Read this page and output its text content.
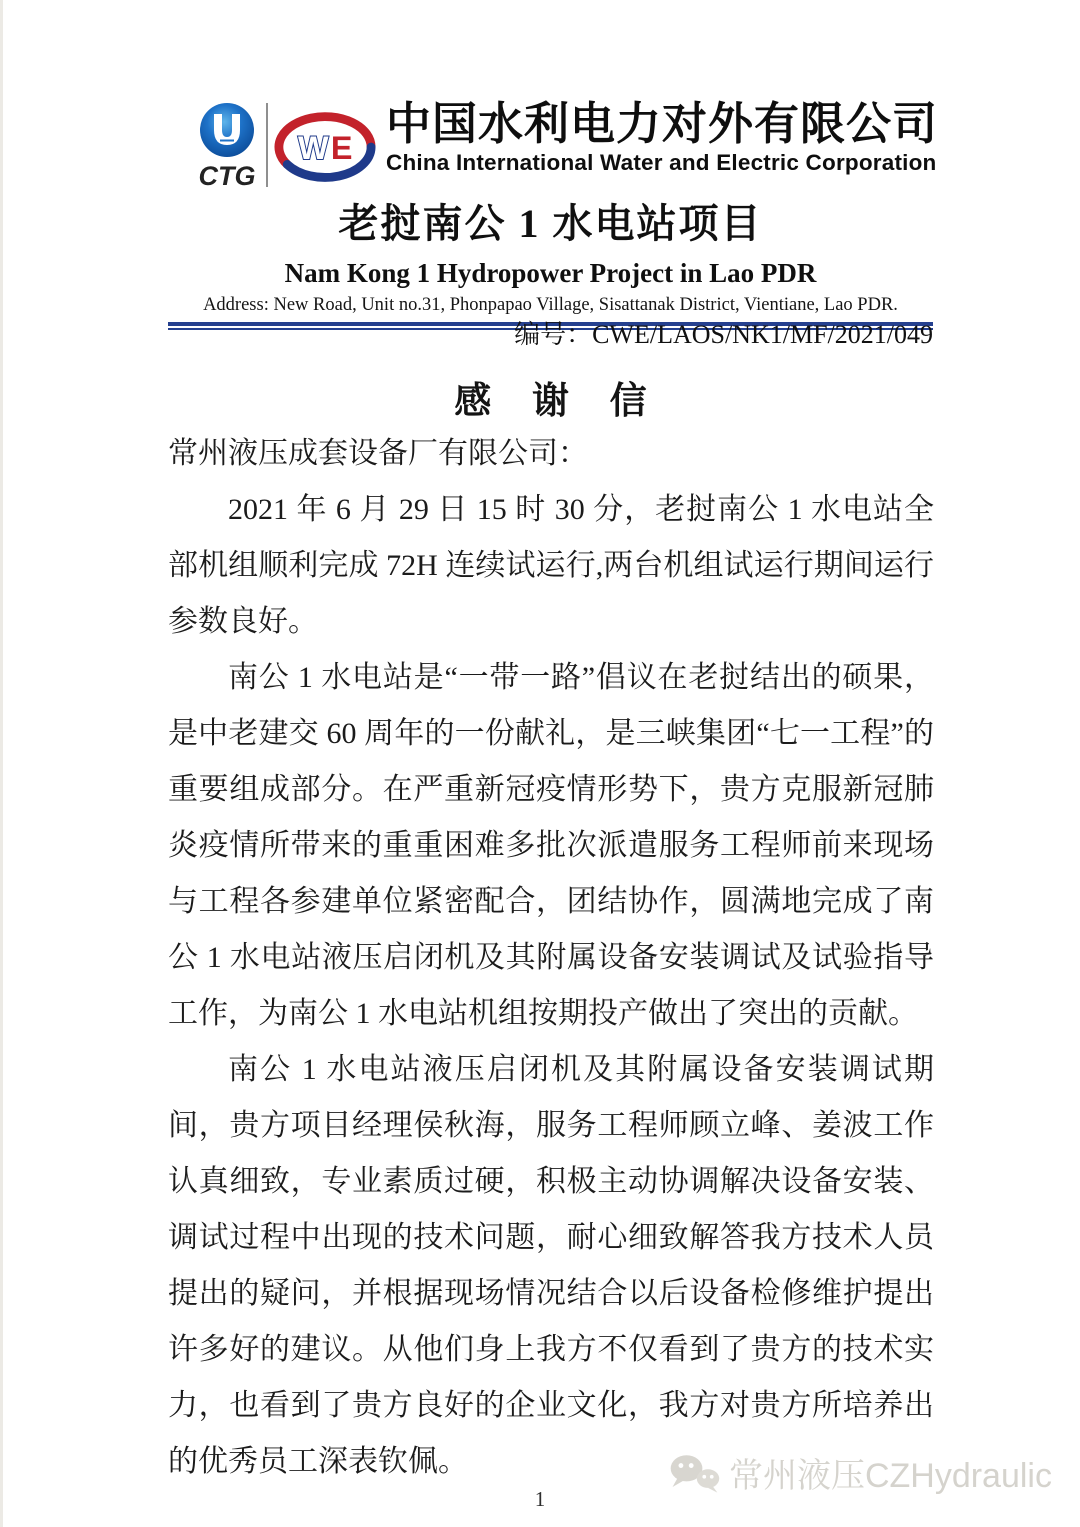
CTG
W E 中国水利电力对外有限公司
China International Water and Electric Corporation
老挝南公 1 水电站项目
Nam Kong 1 Hydropower Project in Lao PDR
Address: New Road, Unit no.31, Phonpapao Village, Sisattanak District, Vientiane, Lao PDR.
编号：CWE/LAOS/NK1/MF/2021/049
感谢信

常州液压成套设备厂有限公司：

2021 年 6 月 29 日 15 时 30 分，老挝南公 1 水电站全部机组顺利完成 72H 连续试运行,两台机组试运行期间运行参数良好。

南公 1 水电站是“一带一路”倡议在老挝结出的硕果，是中老建交 60 周年的一份献礼，是三峡集团“七一工程”的重要组成部分。在严重新冠疫情形势下，贵方克服新冠肺炎疫情所带来的重重困难多批次派遣服务工程师前来现场与工程各参建单位紧密配合，团结协作，圆满地完成了南公 1 水电站液压启闭机及其附属设备安装调试及试验指导工作，为南公 1 水电站机组按期投产做出了突出的贡献。

南公 1 水电站液压启闭机及其附属设备安装调试期间，贵方项目经理侯秋海，服务工程师顾立峰、姜波工作认真细致，专业素质过硬，积极主动协调解决设备安装、调试过程中出现的技术问题，耐心细致解答我方技术人员提出的疑问，并根据现场情况结合以后设备检修维护提出许多好的建议。从他们身上我方不仅看到了贵方的技术实力，也看到了贵方良好的企业文化，我方对贵方所培养出的优秀员工深表钦佩。	常州液压CZHydraulic
1
